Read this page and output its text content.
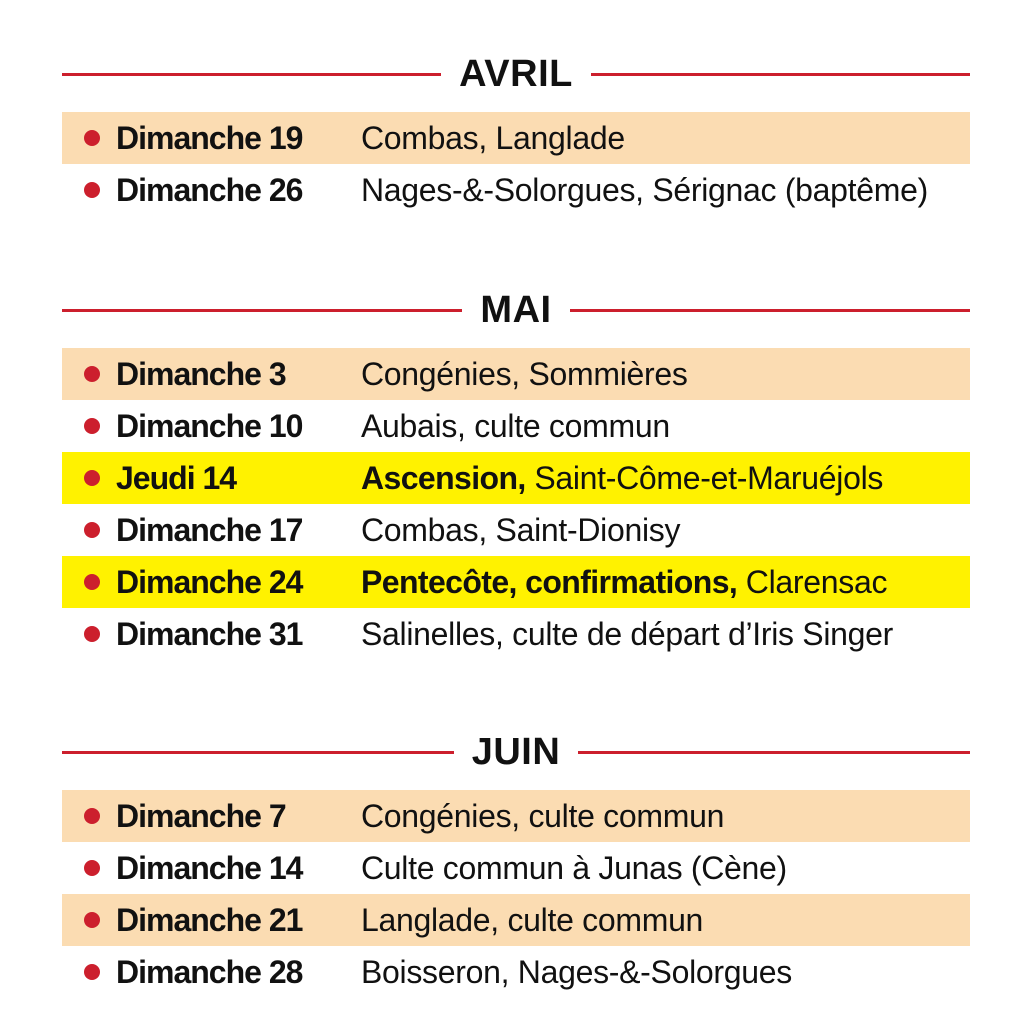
AVRIL
Dimanche 19	Combas, Langlade
Dimanche 26	Nages-&-Solorgues, Sérignac (baptême)
MAI
Dimanche 3	Congénies, Sommières
Dimanche 10	Aubais, culte commun
Jeudi 14	Ascension, Saint-Côme-et-Maruéjols
Dimanche 17	Combas, Saint-Dionisy
Dimanche 24	Pentecôte, confirmations, Clarensac
Dimanche 31	Salinelles, culte de départ d’Iris Singer
JUIN
Dimanche 7	Congénies, culte commun
Dimanche 14	Culte commun à Junas (Cène)
Dimanche 21	Langlade, culte commun
Dimanche 28	Boisseron, Nages-&-Solorgues
